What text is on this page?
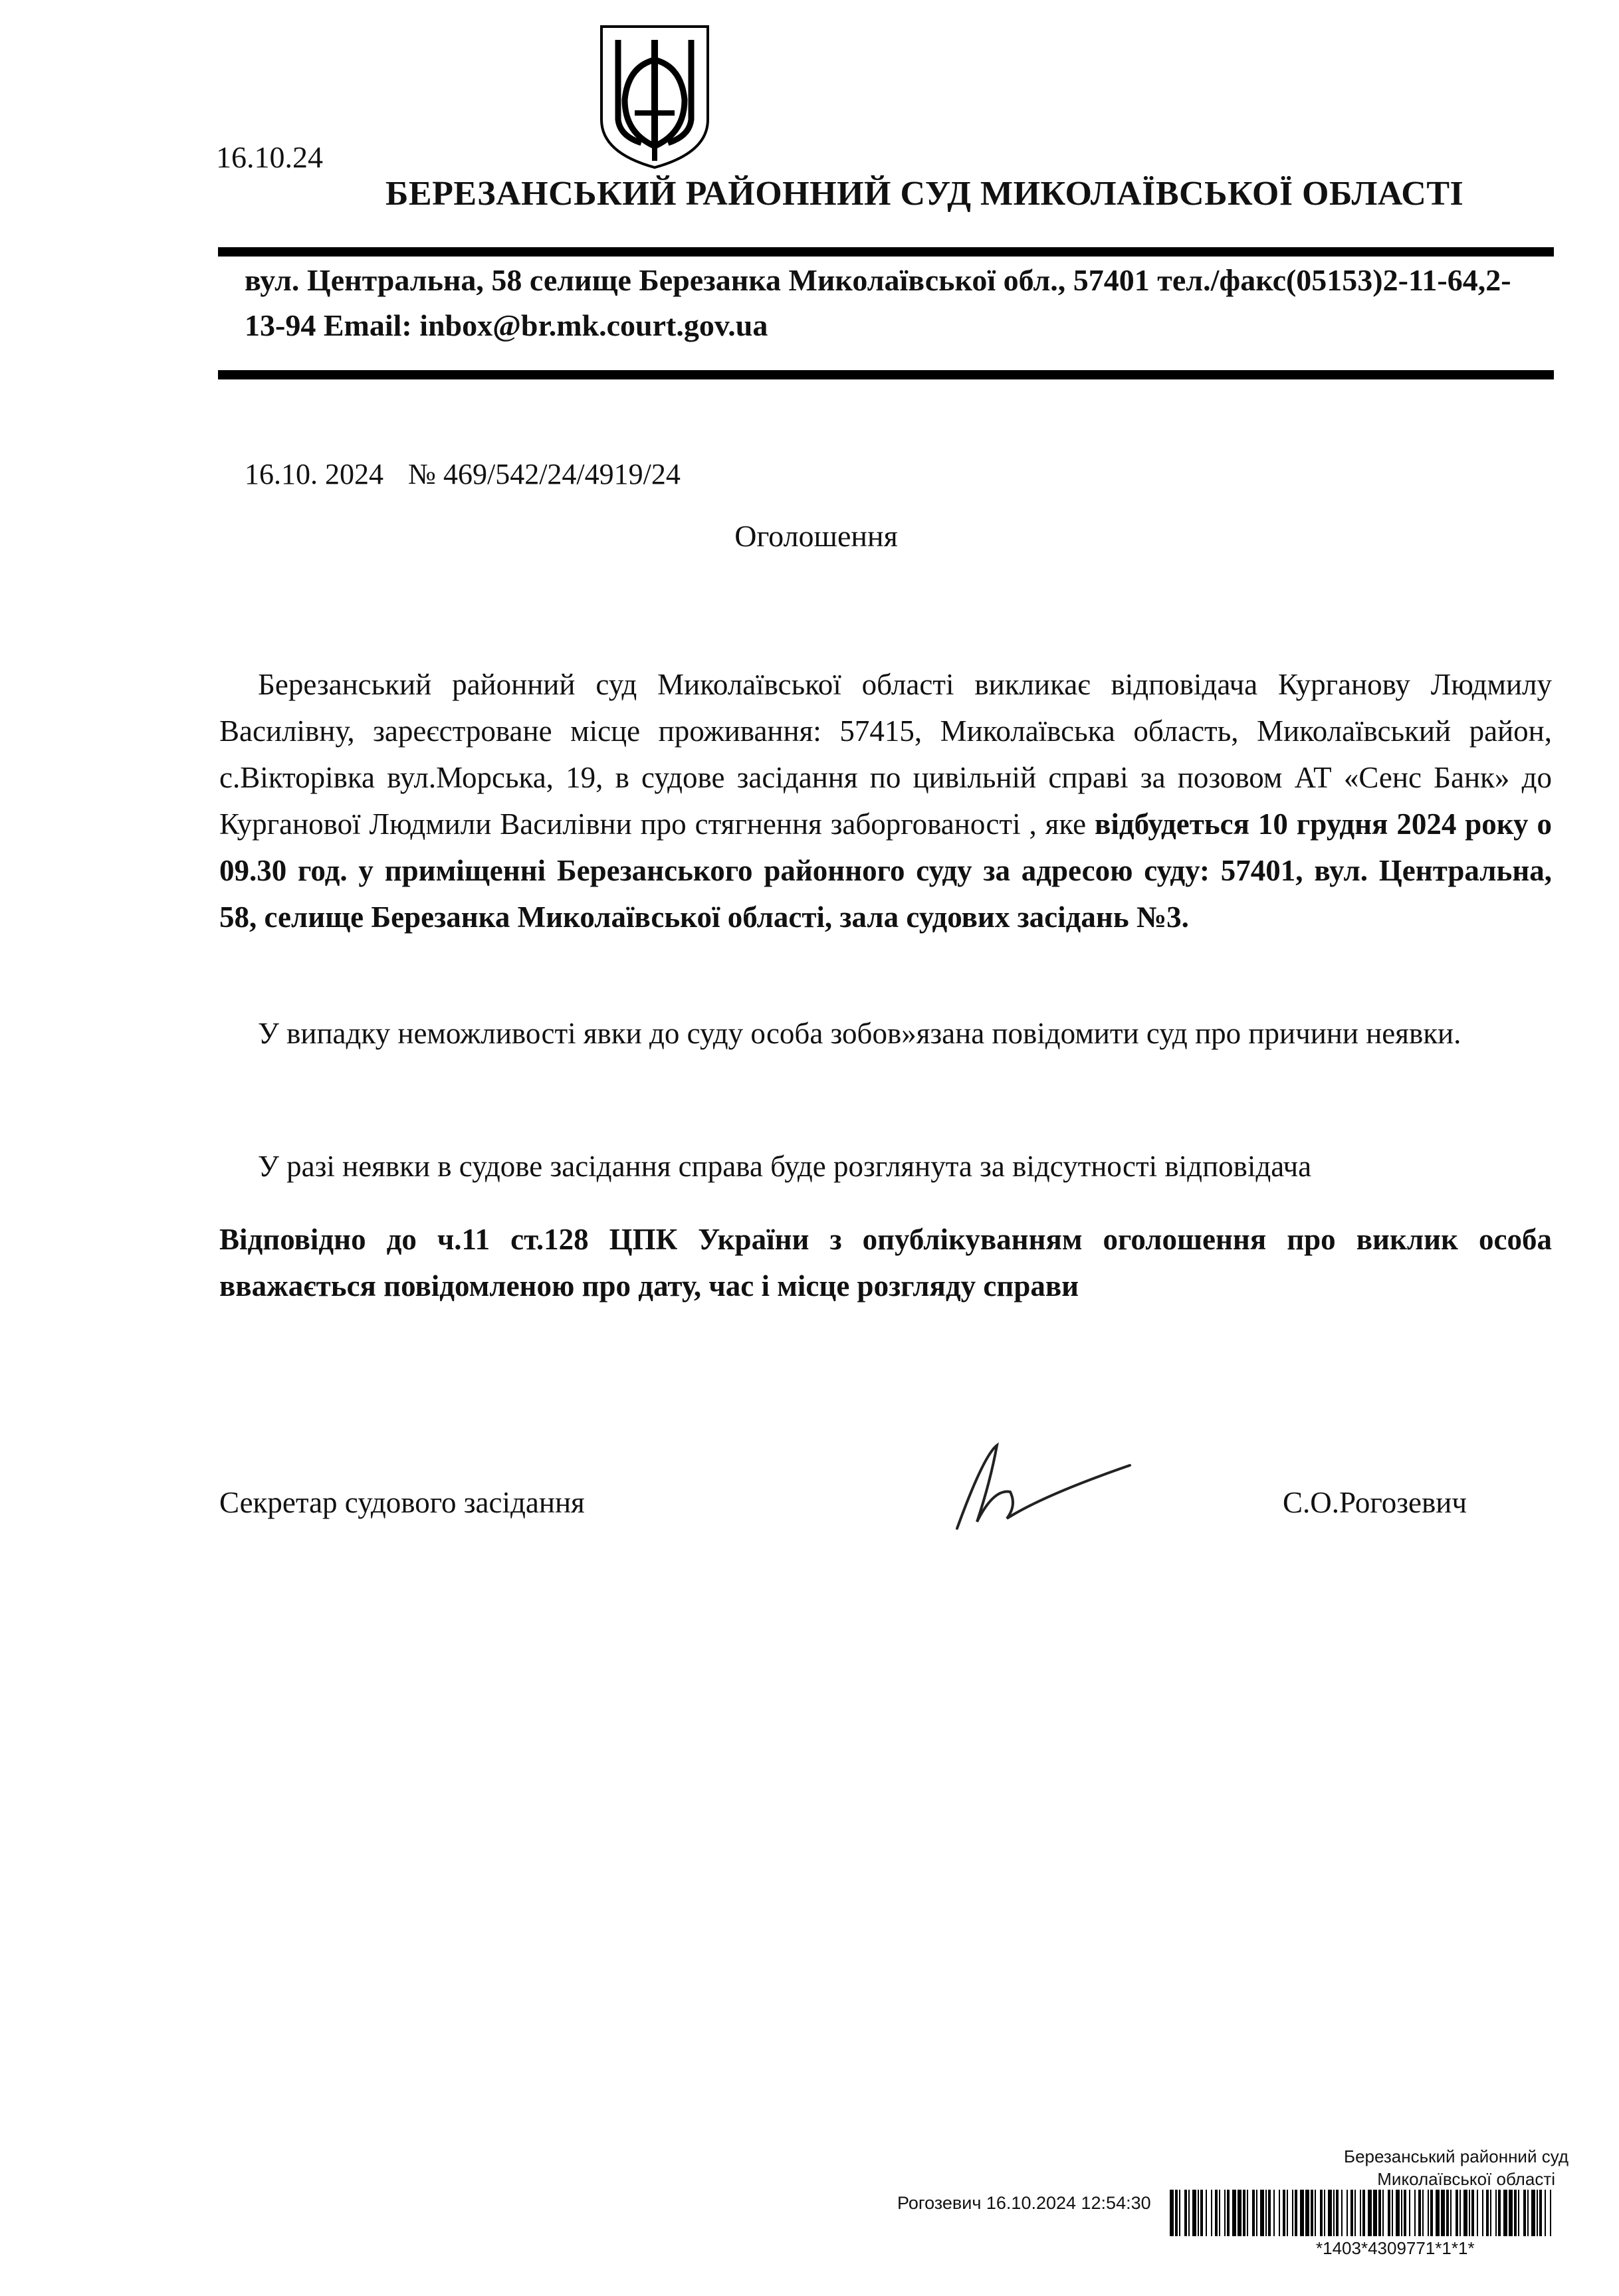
16.10.24
БЕРЕЗАНСЬКИЙ РАЙОННИЙ СУД МИКОЛАЇВСЬКОЇ ОБЛАСТІ
вул. Центральна, 58 селище Березанка Миколаївської обл., 57401 тел./факс(05153)2-11-64,2-13-94 Email: inbox@br.mk.court.gov.ua
16.10. 2024 № 469/542/24/4919/24
Оголошення
Березанський районний суд Миколаївської області викликає відповідача Курганову Людмилу Василівну, зареєстроване місце проживання: 57415, Миколаївська область, Миколаївський район, с.Вікторівка вул.Морська, 19, в судове засідання по цивільній справі за позовом АТ «Сенс Банк» до Курганової Людмили Василівни про стягнення заборгованості , яке відбудеться 10 грудня 2024 року о 09.30 год. у приміщенні Березанського районного суду за адресою суду: 57401, вул. Центральна, 58, селище Березанка Миколаївської області, зала судових засідань №3.
У випадку неможливості явки до суду особа зобов»язана повідомити суд про причини неявки.
У разі неявки в судове засідання справа буде розглянута за відсутності відповідача
Відповідно до ч.11 ст.128 ЦПК України з опублікуванням оголошення про виклик особа вважається повідомленою про дату, час і місце розгляду справи
Секретар судового засідання	С.О.Рогозевич
Березанський районний суд
Миколаївської області
Рогозевич 16.10.2024 12:54:30
*1403*4309771*1*1*
